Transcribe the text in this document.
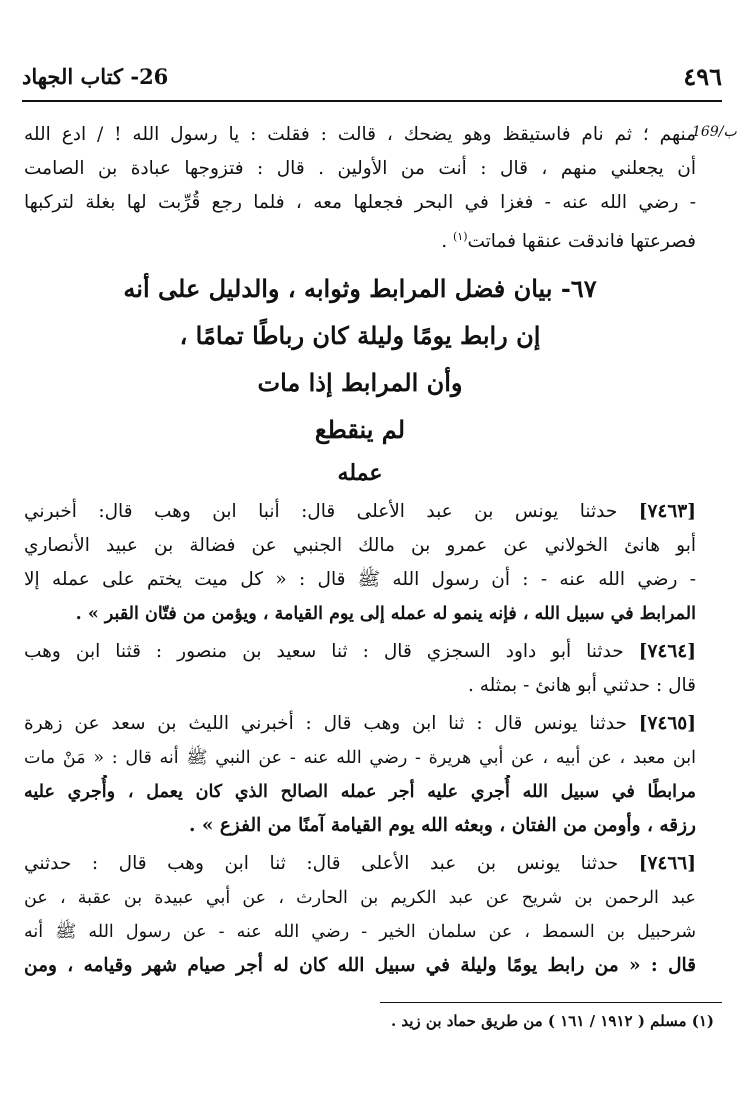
٤٩٦
26- كتاب الجهاد
169/ب
منهم ؛ ثم نام فاستيقظ وهو يضحك ، قالت : فقلت : يا رسول الله ! / ادع الله
أن يجعلني منهم ، قال : أنت من الأولين . قال : فتزوجها عبادة بن الصامت
- رضي الله عنه - فغزا في البحر فجعلها معه ، فلما رجع قُرِّبت لها بغلة لتركبها
فصرعتها فاندقت عنقها فماتت$^{(١)}$ .
٦٧- بيان فضل المرابط وثوابه ، والدليل على أنه
إن رابط يومًا وليلة كان رباطًا تمامًا ،
وأن المرابط إذا مات
لم ينقطع
عمله
[٧٤٦٣] حدثنا يونس بن عبد الأعلى قال: أنبا ابن وهب قال: أخبرني
أبو هانئ الخولاني عن عمرو بن مالك الجنبي عن فضالة بن عبيد الأنصاري
- رضي الله عنه - : أن رسول الله ﷺ قال : « كل ميت يختم على عمله إلا
المرابط في سبيل الله ، فإنه ينمو له عمله إلى يوم القيامة ، ويؤمن من فتّان القبر » .
[٧٤٦٤] حدثنا أبو داود السجزي قال : ثنا سعيد بن منصور : قثنا ابن وهب
قال : حدثني أبو هانئ - بمثله .
[٧٤٦٥] حدثنا يونس قال : ثنا ابن وهب قال : أخبرني الليث بن سعد عن زهرة
ابن معبد ، عن أبيه ، عن أبي هريرة - رضي الله عنه - عن النبي ﷺ أنه قال : « مَنْ مات
مرابطًا في سبيل الله أُجري عليه أجر عمله الصالح الذي كان يعمل ، وأُجري عليه
رزقه ، وأومن من الفتان ، وبعثه الله يوم القيامة آمنًا من الفزع » .
[٧٤٦٦] حدثنا يونس بن عبد الأعلى قال: ثنا ابن وهب قال : حدثني
عبد الرحمن بن شريح عن عبد الكريم بن الحارث ، عن أبي عبيدة بن عقبة ، عن
شرحبيل بن السمط ، عن سلمان الخير - رضي الله عنه - عن رسول الله ﷺ أنه
قال : « من رابط يومًا وليلة في سبيل الله كان له أجر صيام شهر وقيامه ، ومن
(١) مسلم ( ١٩١٢ / ١٦١ ) من طريق حماد بن زيد .
